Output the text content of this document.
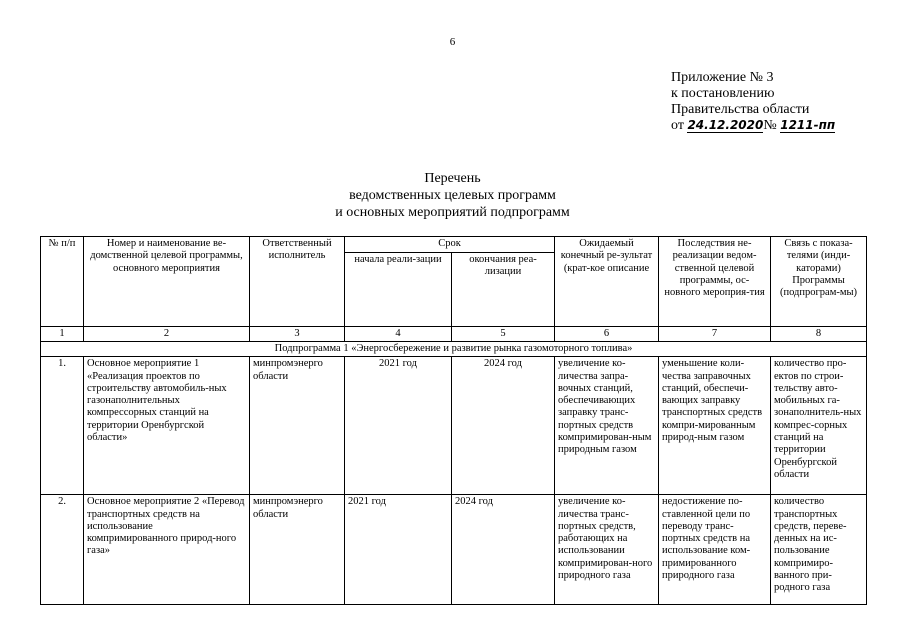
6
Приложение № 3
к постановлению
Правительства области
от 24.12.2020№ 1211-пп
Перечень
ведомственных целевых программ
и основных мероприятий подпрограмм
№ п/п	Номер и наименование ве-домственной целевой программы, основного мероприятия	Ответственный исполнитель	Срок		Ожидаемый конечный ре-зультат (крат-кое описание	Последствия не-реализации ведом-ственной целевой программы, ос-новного мероприя-тия	Связь с показа-телями (инди-каторами) Программы (подпрограм-мы)
			начала реали-зации	окончания реа-лизации			
1	2	3	4	5	6	7	8
Подпрограмма 1 «Энергосбережение и развитие рынка газомоторного топлива»							
1.	Основное мероприятие 1 «Реализация проектов по строительству автомобиль-ных газонаполнительных компрессорных станций на территории Оренбургской области»	минпромэнерго области	2021 год	2024 год	увеличение ко-личества запра-вочных станций, обеспечивающих заправку транс-портных средств компримирован-ным природным газом	уменьшение коли-чества заправочных станций, обеспечи-вающих заправку транспортных средств компри-мированным природ-ным газом	количество про-ектов по строи-тельству авто-мобильных га-зонаполнитель-ных компрес-сорных станций на территории Оренбургской области
2.	Основное мероприятие 2 «Перевод транспортных средств на использование компримированного природ-ного газа»	минпромэнерго области	2021 год	2024 год	увеличение ко-личества транс-портных средств, работающих на использовании компримирован-ного природного газа	недостижение по-ставленной цели по переводу транс-портных средств на использование ком-примированного природного газа	количество транспортных средств, переве-денных на ис-пользование компримиро-ванного при-родного газа
